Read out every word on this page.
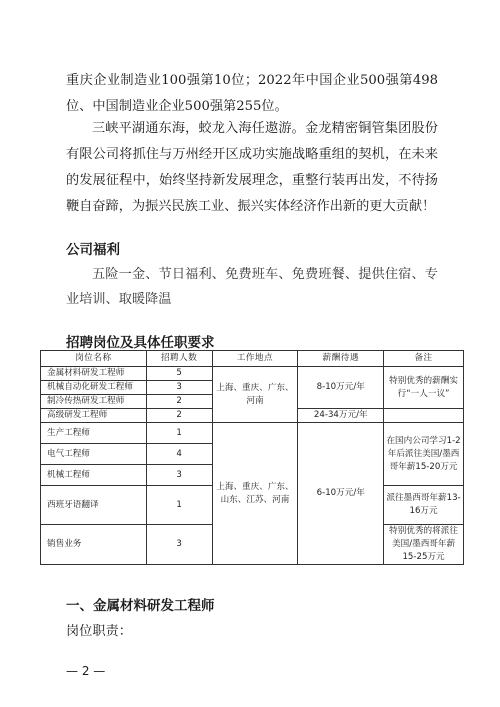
重庆企业制造业100强第10位；2022年中国企业500强第498位、中国制造业企业500强第255位。

三峡平湖通东海，蛟龙入海任遨游。金龙精密铜管集团股份有限公司将抓住与万州经开区成功实施战略重组的契机，在未来的发展征程中，始终坚持新发展理念，重整行装再出发，不待扬鞭自奋蹄，为振兴民族工业、振兴实体经济作出新的更大贡献！

公司福利

五险一金、节日福利、免费班车、免费班餐、提供住宿、专业培训、取暖降温

招聘岗位及具体任职要求
岗位名称	招聘人数	工作地点	薪酬待遇	备注
金属材料研发工程师	5	上海、重庆、广东、河南	8-10万元/年	特别优秀的薪酬实行“一人一议”
机械自动化研发工程师	3			
制冷传热研发工程师	2			
高级研发工程师	2		24-34万元/年	
生产工程师	1	上海、重庆、广东、山东、江苏、河南	6-10万元/年	在国内公司学习1-2年后派往美国/墨西哥年薪15-20万元
电气工程师	4			
机械工程师	3			
西班牙语翻译	1			派往墨西哥年薪13-16万元
销售业务	3			特别优秀的将派往美国/墨西哥年薪15-25万元
一、金属材料研发工程师

岗位职责：

— 2 —
